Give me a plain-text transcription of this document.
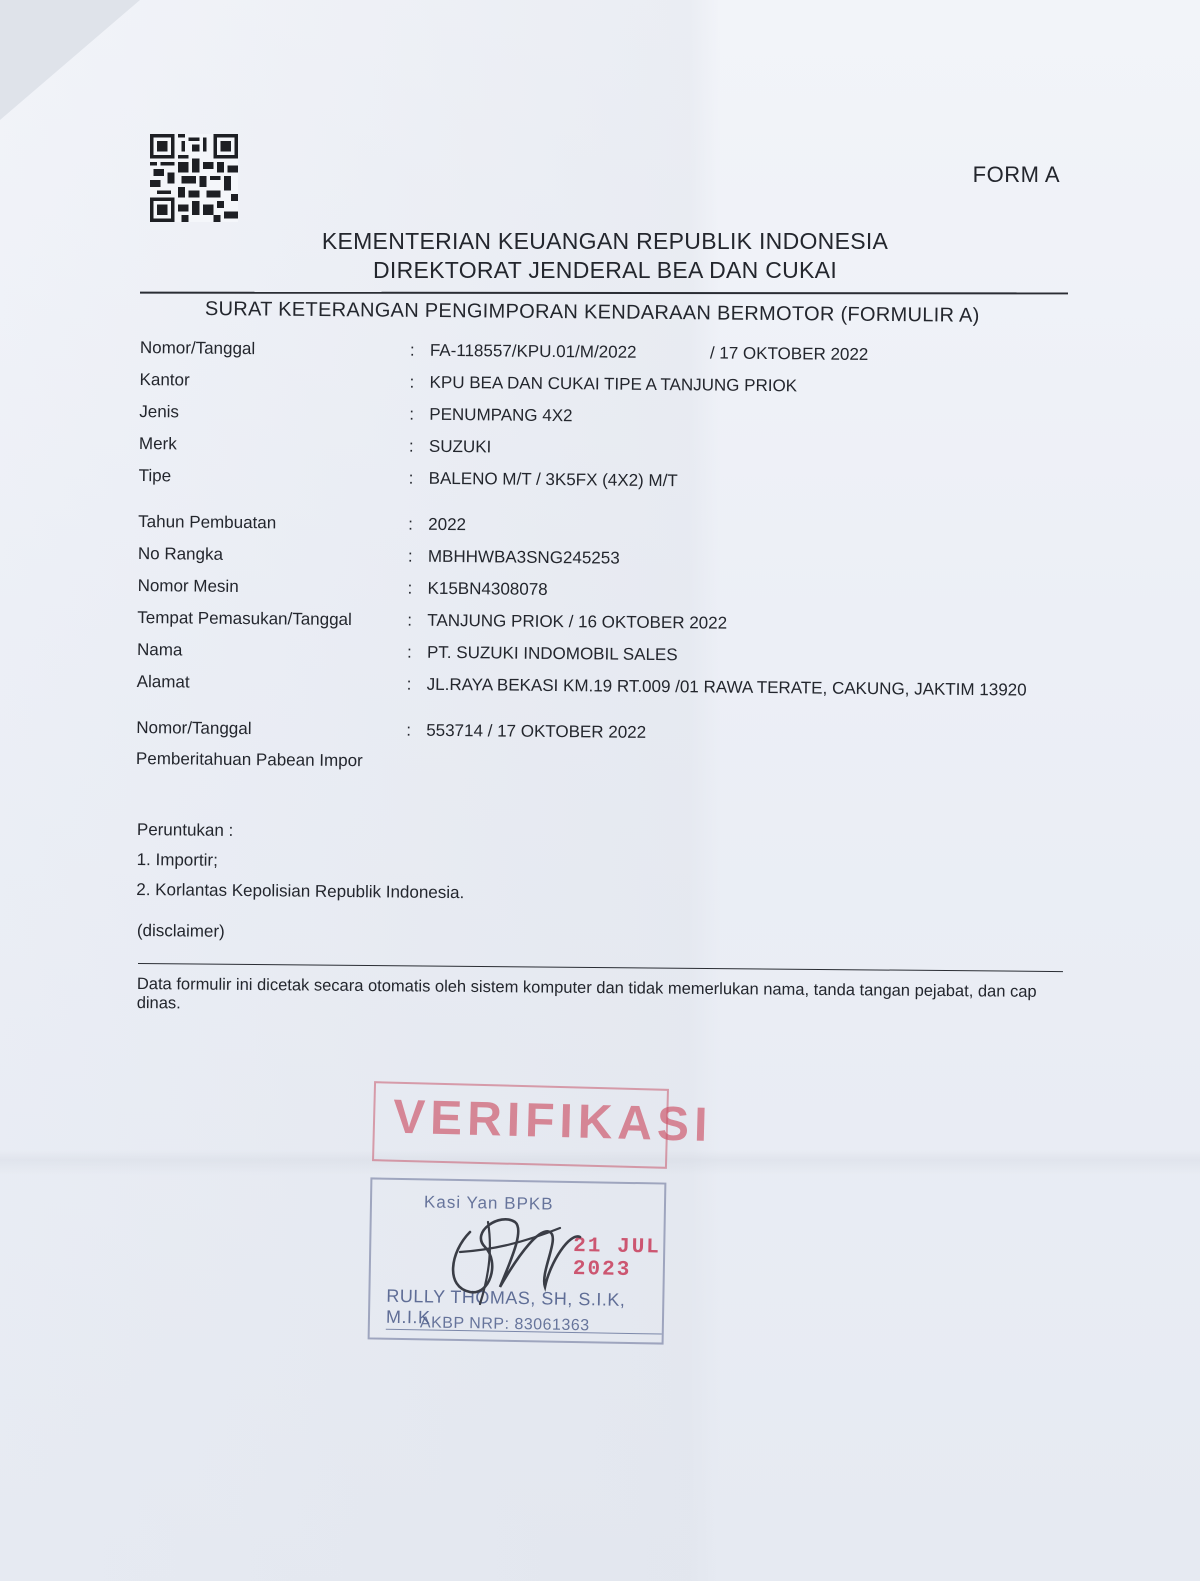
FORM A
KEMENTERIAN KEUANGAN REPUBLIK INDONESIA
DIREKTORAT JENDERAL BEA DAN CUKAI
SURAT KETERANGAN PENGIMPORAN KENDARAAN BERMOTOR (FORMULIR A)
Nomor/Tanggal	: FA-118557/KPU.01/M/2022	/ 17 OKTOBER 2022
Kantor	: KPU BEA DAN CUKAI TIPE A TANJUNG PRIOK
Jenis	: PENUMPANG 4X2
Merk	: SUZUKI
Tipe	: BALENO M/T / 3K5FX (4X2) M/T
Tahun Pembuatan	: 2022
No Rangka	: MBHHWBA3SNG245253
Nomor Mesin	: K15BN4308078
Tempat Pemasukan/Tanggal	: TANJUNG PRIOK / 16 OKTOBER 2022
Nama	: PT. SUZUKI INDOMOBIL SALES
Alamat	: JL.RAYA BEKASI KM.19 RT.009 /01 RAWA TERATE, CAKUNG, JAKTIM 13920
Nomor/Tanggal	: 553714 / 17 OKTOBER 2022
Pemberitahuan Pabean Impor
Peruntukan :
1. Importir;
2. Korlantas Kepolisian Republik Indonesia.
(disclaimer)
Data formulir ini dicetak secara otomatis oleh sistem komputer dan tidak memerlukan nama, tanda tangan pejabat, dan cap dinas.
VERIFIKASI
Kasi Yan BPKB
21 JUL 2023
RULLY THOMAS, SH, S.I.K, M.I.K
AKBP NRP: 83061363
